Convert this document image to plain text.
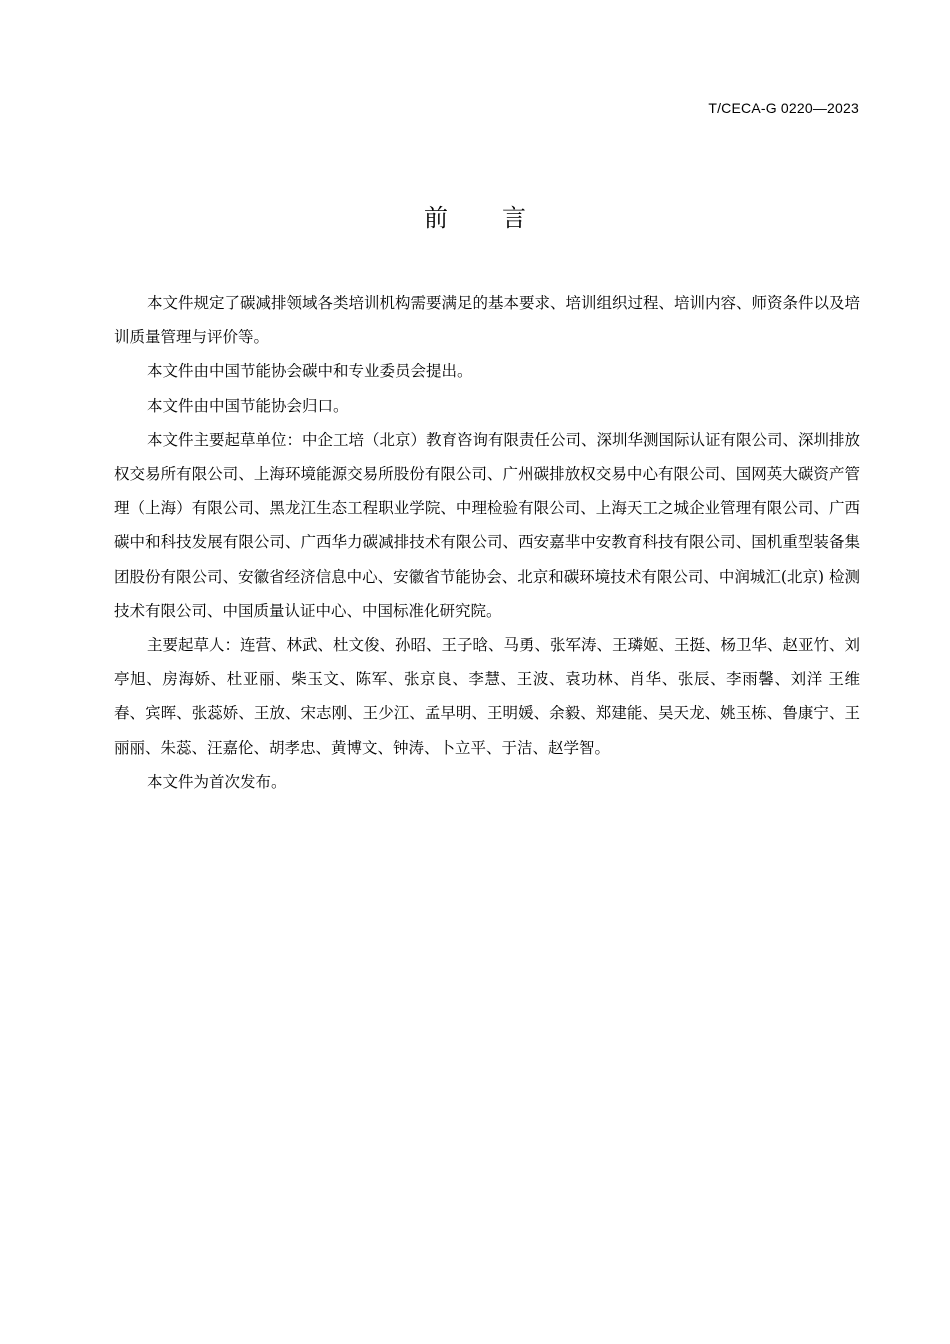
T/CECA-G 0220—2023
前言

本文件规定了碳减排领域各类培训机构需要满足的基本要求、培训组织过程、培训内容、师资条件以及培训质量管理与评价等。

本文件由中国节能协会碳中和专业委员会提出。

本文件由中国节能协会归口。

本文件主要起草单位：中企工培（北京）教育咨询有限责任公司、深圳华测国际认证有限公司、深圳排放权交易所有限公司、上海环境能源交易所股份有限公司、广州碳排放权交易中心有限公司、国网英大碳资产管理（上海）有限公司、黑龙江生态工程职业学院、中理检验有限公司、上海天工之城企业管理有限公司、广西碳中和科技发展有限公司、广西华力碳减排技术有限公司、西安嘉芈中安教育科技有限公司、国机重型装备集团股份有限公司、安徽省经济信息中心、安徽省节能协会、北京和碳环境技术有限公司、中润城汇(北京) 检测技术有限公司、中国质量认证中心、中国标准化研究院。

主要起草人：连营、林武、杜文俊、孙昭、王子晗、马勇、张军涛、王璘姬、王挺、杨卫华、赵亚竹、刘亭旭、房海娇、杜亚丽、柴玉文、陈军、张京良、李慧、王波、袁功林、肖华、张辰、李雨馨、刘洋 王维春、宾晖、张蕊娇、王放、宋志刚、王少江、孟早明、王明媛、余毅、郑建能、吴天龙、姚玉栋、鲁康宁、王丽丽、朱蕊、汪嘉伦、胡孝忠、黄博文、钟涛、卜立平、于洁、赵学智。

本文件为首次发布。
